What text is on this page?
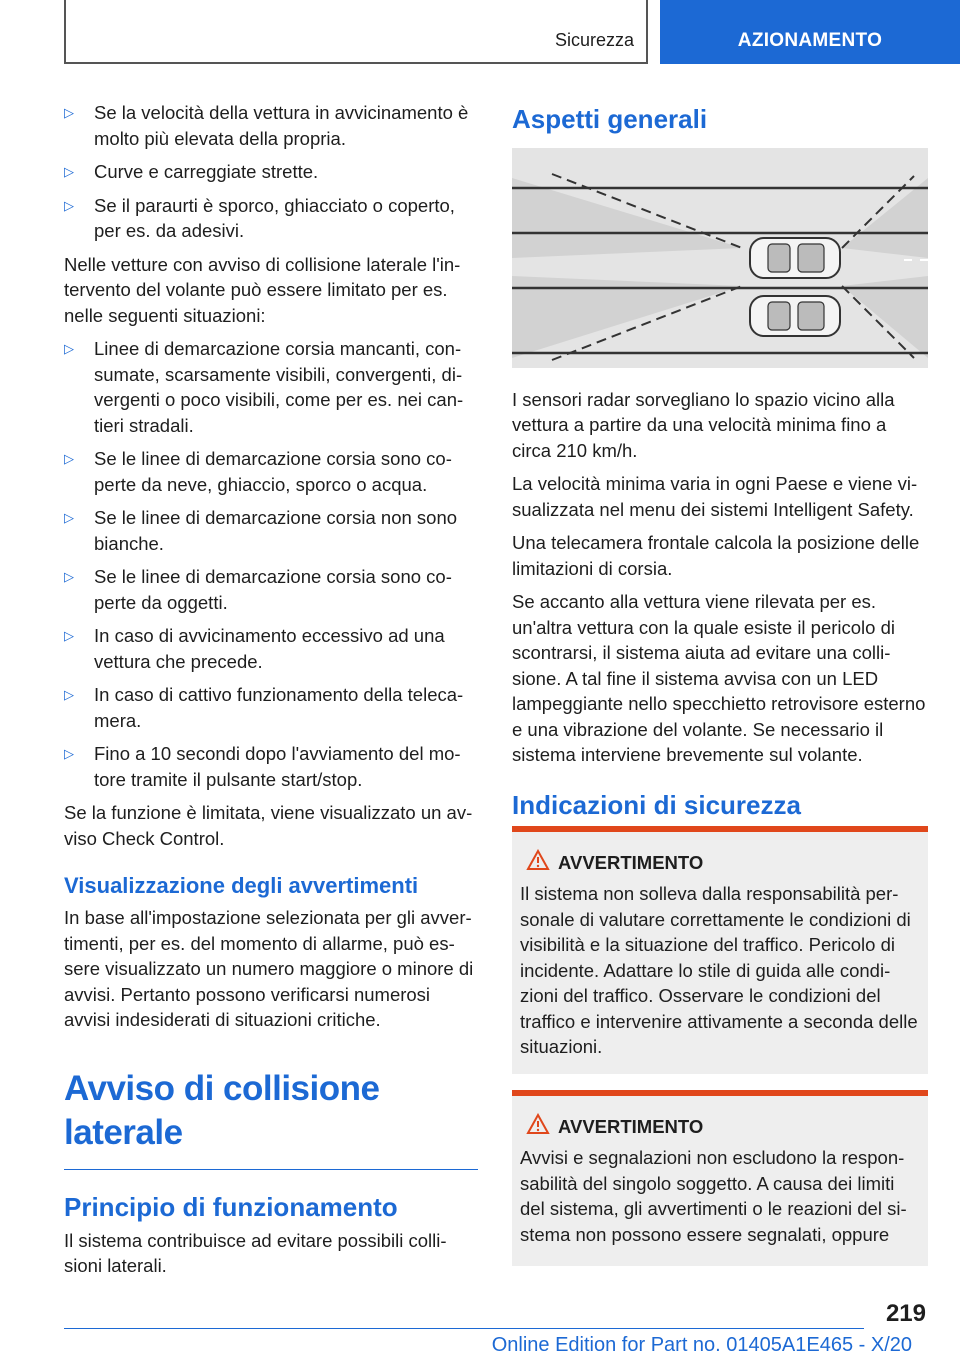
Sicurezza	AZIONAMENTO
▷	Se la velocità della vettura in avvicinamento è molto più elevata della propria.
▷	Curve e carreggiate strette.
▷	Se il paraurti è sporco, ghiacciato o coperto, per es. da adesivi.

Nelle vetture con avviso di collisione laterale l'intervento del volante può essere limitato per es. nelle seguenti situazioni:

▷	Linee di demarcazione corsia mancanti, consumate, scarsamente visibili, convergenti, divergenti o poco visibili, come per es. nei cantieri stradali.
▷	Se le linee di demarcazione corsia sono coperte da neve, ghiaccio, sporco o acqua.
▷	Se le linee di demarcazione corsia non sono bianche.
▷	Se le linee di demarcazione corsia sono coperte da oggetti.
▷	In caso di avvicinamento eccessivo ad una vettura che precede.
▷	In caso di cattivo funzionamento della telecamera.
▷	Fino a 10 secondi dopo l'avviamento del motore tramite il pulsante start/stop.

Se la funzione è limitata, viene visualizzato un avviso Check Control.

Visualizzazione degli avvertimenti

In base all'impostazione selezionata per gli avvertimenti, per es. del momento di allarme, può essere visualizzato un numero maggiore o minore di avvisi. Pertanto possono verificarsi numerosi avvisi indesiderati di situazioni critiche.

Avviso di collisione laterale
Principio di funzionamento

Il sistema contribuisce ad evitare possibili collisioni laterali.

Aspetti generali

I sensori radar sorvegliano lo spazio vicino alla vettura a partire da una velocità minima fino a circa 210 km/h.

La velocità minima varia in ogni Paese e viene visualizzata nel menu dei sistemi Intelligent Safety.

Una telecamera frontale calcola la posizione delle limitazioni di corsia.

Se accanto alla vettura viene rilevata per es. un'altra vettura con la quale esiste il pericolo di scontrarsi, il sistema aiuta ad evitare una collisione. A tal fine il sistema avvisa con un LED lampeggiante nello specchietto retrovisore esterno e una vibrazione del volante. Se necessario il sistema interviene brevemente sul volante.

Indicazioni di sicurezza
AVVERTIMENTO

Il sistema non solleva dalla responsabilità personale di valutare correttamente le condizioni di visibilità e la situazione del traffico. Pericolo di incidente. Adattare lo stile di guida alle condizioni del traffico. Osservare le condizioni del traffico e intervenire attivamente a seconda delle situazioni.

AVVERTIMENTO

Avvisi e segnalazioni non escludono la responsabilità del singolo soggetto. A causa dei limiti del sistema, gli avvertimenti o le reazioni del sistema non possono essere segnalati, oppure

219
Online Edition for Part no. 01405A1E465 - X/20
